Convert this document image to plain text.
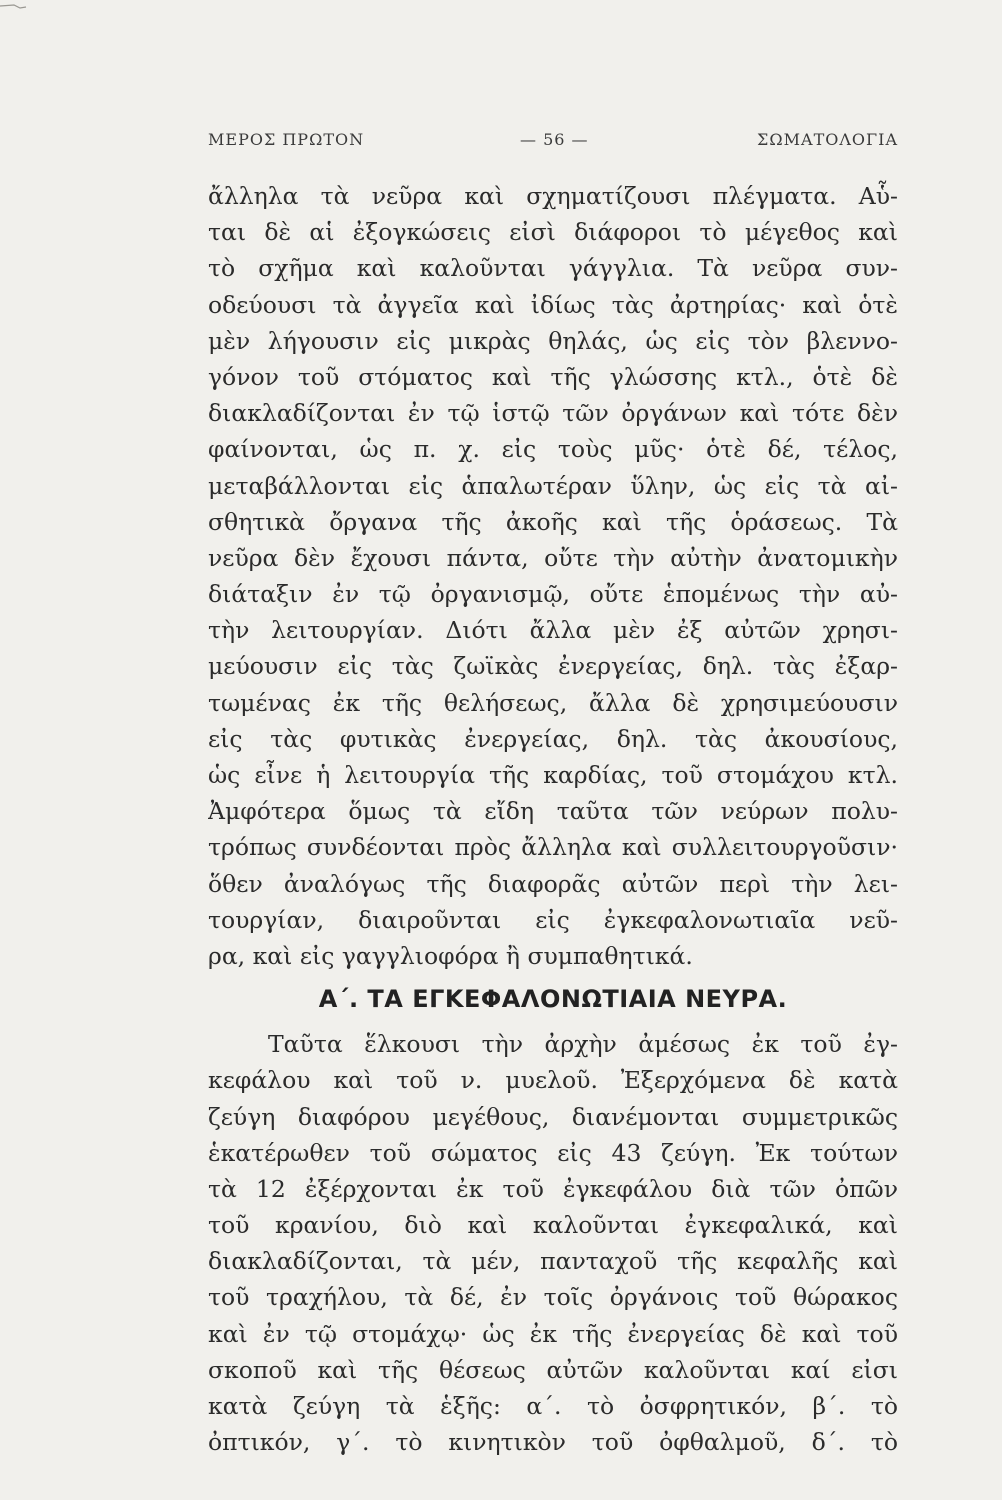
ΜΕΡΟΣ ΠΡΩΤΟΝ	— 56 —	ΣΩΜΑΤΟΛΟΓΙΑ
ἄλληλα τὰ νεῦρα καὶ σχηματίζουσι πλέγματα. Αὗ-
ται δὲ αἱ ἐξογκώσεις εἰσὶ διάφοροι τὸ μέγεθος καὶ
τὸ σχῆμα καὶ καλοῦνται γάγγλια. Τὰ νεῦρα συν-
οδεύουσι τὰ ἀγγεῖα καὶ ἰδίως τὰς ἀρτηρίας· καὶ ὁτὲ
μὲν λήγουσιν εἰς μικρὰς θηλάς, ὡς εἰς τὸν βλεννο-
γόνον τοῦ στόματος καὶ τῆς γλώσσης κτλ., ὁτὲ δὲ
διακλαδίζονται ἐν τῷ ἱστῷ τῶν ὀργάνων καὶ τότε δὲν
φαίνονται, ὡς π. χ. εἰς τοὺς μῦς· ὁτὲ δέ, τέλος,
μεταβάλλονται εἰς ἁπαλωτέραν ὕλην, ὡς εἰς τὰ αἰ-
σθητικὰ ὄργανα τῆς ἀκοῆς καὶ τῆς ὁράσεως. Τὰ
νεῦρα δὲν ἔχουσι πάντα, οὔτε τὴν αὐτὴν ἀνατομικὴν
διάταξιν ἐν τῷ ὀργανισμῷ, οὔτε ἑπομένως τὴν αὐ-
τὴν λειτουργίαν. Διότι ἄλλα μὲν ἐξ αὐτῶν χρησι-
μεύουσιν εἰς τὰς ζωϊκὰς ἐνεργείας, δηλ. τὰς ἐξαρ-
τωμένας ἐκ τῆς θελήσεως, ἄλλα δὲ χρησιμεύουσιν
εἰς τὰς φυτικὰς ἐνεργείας, δηλ. τὰς ἀκουσίους,
ὡς εἶνε ἡ λειτουργία τῆς καρδίας, τοῦ στομάχου κτλ.
Ἀμφότερα ὅμως τὰ εἴδη ταῦτα τῶν νεύρων πολυ-
τρόπως συνδέονται πρὸς ἄλληλα καὶ συλλειτουργοῦσιν·
ὅθεν ἀναλόγως τῆς διαφορᾶς αὐτῶν περὶ τὴν λει-
τουργίαν, διαιροῦνται εἰς ἐγκεφαλονωτιαῖα νεῦ-
ρα, καὶ εἰς γαγγλιοφόρα ἢ συμπαθητικά.
Α΄. ΤΑ ΕΓΚΕΦΑΛΟΝΩΤΙΑΙΑ ΝΕΥΡΑ.
Ταῦτα ἕλκουσι τὴν ἀρχὴν ἀμέσως ἐκ τοῦ ἐγ-
κεφάλου καὶ τοῦ ν. μυελοῦ. Ἐξερχόμενα δὲ κατὰ
ζεύγη διαφόρου μεγέθους, διανέμονται συμμετρικῶς
ἑκατέρωθεν τοῦ σώματος εἰς 43 ζεύγη. Ἐκ τούτων
τὰ 12 ἐξέρχονται ἐκ τοῦ ἐγκεφάλου διὰ τῶν ὀπῶν
τοῦ κρανίου, διὸ καὶ καλοῦνται ἐγκεφαλικά, καὶ
διακλαδίζονται, τὰ μέν, πανταχοῦ τῆς κεφαλῆς καὶ
τοῦ τραχήλου, τὰ δέ, ἐν τοῖς ὀργάνοις τοῦ θώρακος
καὶ ἐν τῷ στομάχῳ· ὡς ἐκ τῆς ἐνεργείας δὲ καὶ τοῦ
σκοποῦ καὶ τῆς θέσεως αὐτῶν καλοῦνται καί εἰσι
κατὰ ζεύγη τὰ ἑξῆς: α΄. τὸ ὀσφρητικόν, β΄. τὸ
ὀπτικόν, γ΄. τὸ κινητικὸν τοῦ ὀφθαλμοῦ, δ΄. τὸ
